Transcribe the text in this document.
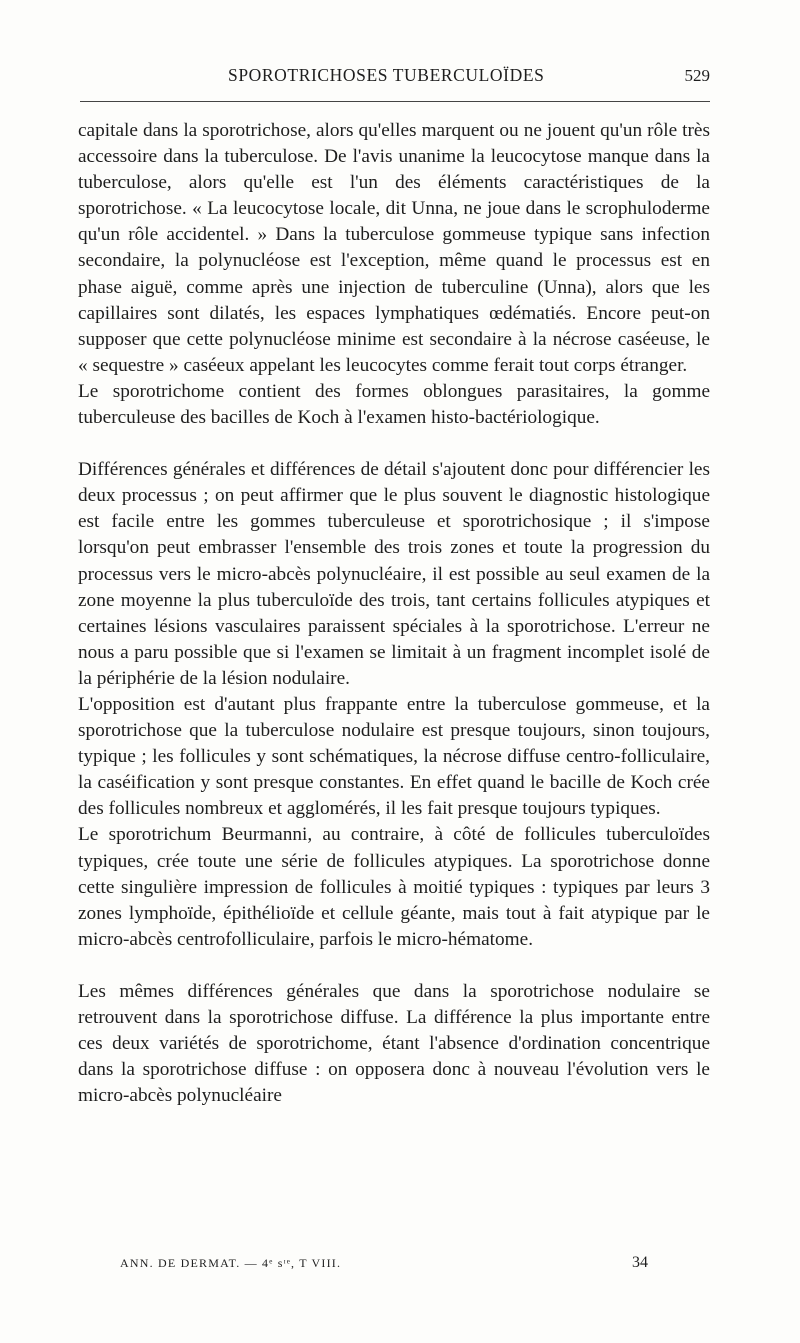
SPOROTRICHOSES TUBERCULOÏDES	529

capitale dans la sporotrichose, alors qu'elles marquent ou ne jouent qu'un rôle très accessoire dans la tuberculose. De l'avis unanime la leucocytose manque dans la tuberculose, alors qu'elle est l'un des éléments caractéristiques de la sporotrichose. « La leucocytose locale, dit Unna, ne joue dans le scrophuloderme qu'un rôle accidentel. » Dans la tuberculose gommeuse typique sans infection secondaire, la polynucléose est l'exception, même quand le processus est en phase aiguë, comme après une injection de tuberculine (Unna), alors que les capillaires sont dilatés, les espaces lymphatiques œdématiés. Encore peut-on supposer que cette polynucléose minime est secondaire à la nécrose caséeuse, le « sequestre » caséeux appelant les leucocytes comme ferait tout corps étranger.

Le sporotrichome contient des formes oblongues parasitaires, la gomme tuberculeuse des bacilles de Koch à l'examen histo-bactériologique.

Différences générales et différences de détail s'ajoutent donc pour différencier les deux processus ; on peut affirmer que le plus souvent le diagnostic histologique est facile entre les gommes tuberculeuse et sporotrichosique ; il s'impose lorsqu'on peut embrasser l'ensemble des trois zones et toute la progression du processus vers le micro-abcès polynucléaire, il est possible au seul examen de la zone moyenne la plus tuberculoïde des trois, tant certains follicules atypiques et certaines lésions vasculaires paraissent spéciales à la sporotrichose. L'erreur ne nous a paru possible que si l'examen se limitait à un fragment incomplet isolé de la périphérie de la lésion nodulaire.

L'opposition est d'autant plus frappante entre la tuberculose gommeuse, et la sporotrichose que la tuberculose nodulaire est presque toujours, sinon toujours, typique ; les follicules y sont schématiques, la nécrose diffuse centro-folliculaire, la caséification y sont presque constantes. En effet quand le bacille de Koch crée des follicules nombreux et agglomérés, il les fait presque toujours typiques.

Le sporotrichum Beurmanni, au contraire, à côté de follicules tuberculoïdes typiques, crée toute une série de follicules atypiques. La sporotrichose donne cette singulière impression de follicules à moitié typiques : typiques par leurs 3 zones lymphoïde, épithélioïde et cellule géante, mais tout à fait atypique par le micro-abcès centrofolliculaire, parfois le micro-hématome.

Les mêmes différences générales que dans la sporotrichose nodulaire se retrouvent dans la sporotrichose diffuse. La différence la plus importante entre ces deux variétés de sporotrichome, étant l'absence d'ordination concentrique dans la sporotrichose diffuse : on opposera donc à nouveau l'évolution vers le micro-abcès polynucléaire

ANN. DE DERMAT. — 4ᵉ sᶦᵉ, T VIII.	34
